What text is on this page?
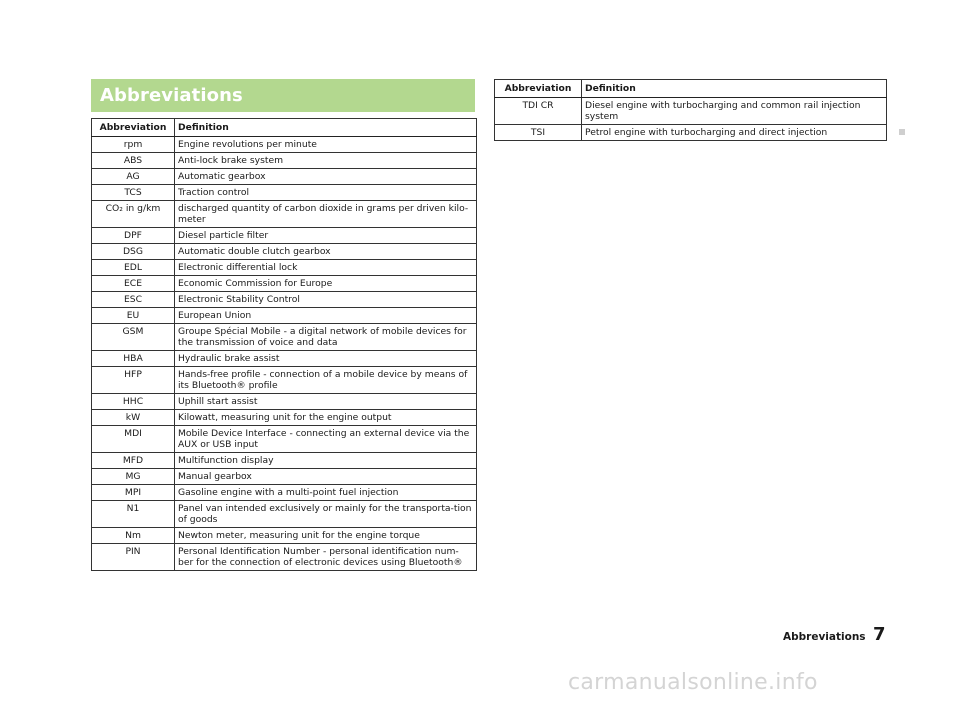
Abbreviations
Abbreviation	Definition
rpm	Engine revolutions per minute
ABS	Anti-lock brake system
AG	Automatic gearbox
TCS	Traction control
CO₂ in g/km	discharged quantity of carbon dioxide in grams per driven kilo-meter
DPF	Diesel particle filter
DSG	Automatic double clutch gearbox
EDL	Electronic differential lock
ECE	Economic Commission for Europe
ESC	Electronic Stability Control
EU	European Union
GSM	Groupe Spécial Mobile - a digital network of mobile devices for the transmission of voice and data
HBA	Hydraulic brake assist
HFP	Hands-free profile - connection of a mobile device by means of its Bluetooth® profile
HHC	Uphill start assist
kW	Kilowatt, measuring unit for the engine output
MDI	Mobile Device Interface - connecting an external device via the AUX or USB input
MFD	Multifunction display
MG	Manual gearbox
MPI	Gasoline engine with a multi-point fuel injection
N1	Panel van intended exclusively or mainly for the transporta-tion of goods
Nm	Newton meter, measuring unit for the engine torque
PIN	Personal Identification Number - personal identification num-ber for the connection of electronic devices using Bluetooth®
Abbreviation	Definition
TDI CR	Diesel engine with turbocharging and common rail injection system
TSI	Petrol engine with turbocharging and direct injection
Abbreviations 7
carmanualsonline.info
